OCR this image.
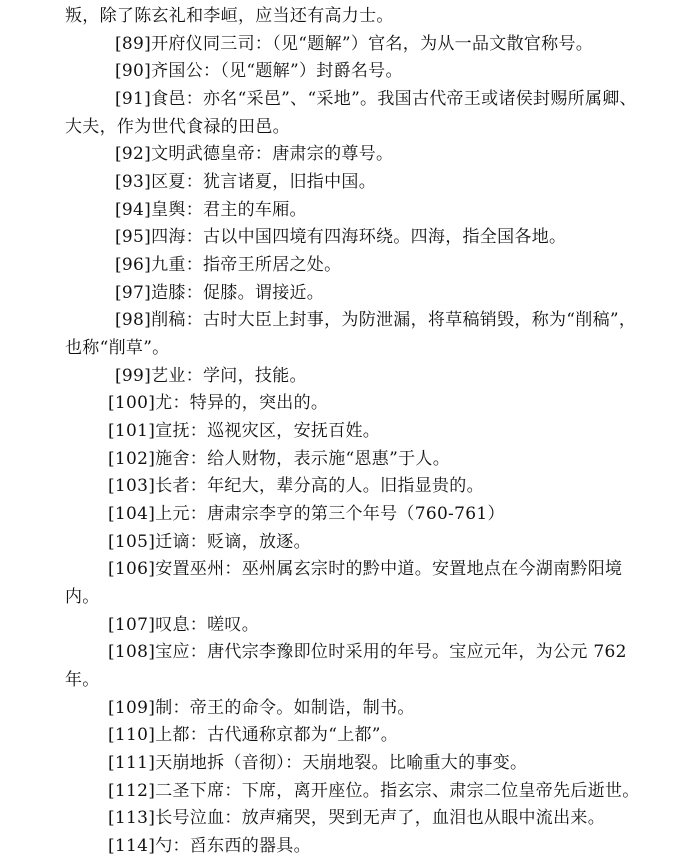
叛，除了陈玄礼和李峘，应当还有高力士。
[89]开府仪同三司：（见“题解”）官名，为从一品文散官称号。
[90]齐国公：（见“题解”）封爵名号。
[91]食邑：亦名“采邑”、“采地”。我国古代帝王或诸侯封赐所属卿、
大夫，作为世代食禄的田邑。
[92]文明武德皇帝：唐肃宗的尊号。
[93]区夏：犹言诸夏，旧指中国。
[94]皇舆：君主的车厢。
[95]四海：古以中国四境有四海环绕。四海，指全国各地。
[96]九重：指帝王所居之处。
[97]造膝：促膝。谓接近。
[98]削稿：古时大臣上封事，为防泄漏，将草稿销毁，称为“削稿”，
也称“削草”。
[99]艺业：学问，技能。
[100]尤：特异的，突出的。
[101]宣抚：巡视灾区，安抚百姓。
[102]施舍：给人财物，表示施“恩惠”于人。
[103]长者：年纪大，辈分高的人。旧指显贵的。
[104]上元：唐肃宗李亨的第三个年号（760-761）
[105]迁谪：贬谪，放逐。
[106]安置巫州：巫州属玄宗时的黔中道。安置地点在今湖南黔阳境
内。
[107]叹息：嗟叹。
[108]宝应：唐代宗李豫即位时采用的年号。宝应元年，为公元 762
年。
[109]制：帝王的命令。如制诰，制书。
[110]上都：古代通称京都为“上都”。
[111]天崩地拆（音彻）：天崩地裂。比喻重大的事变。
[112]二圣下席：下席，离开座位。指玄宗、肃宗二位皇帝先后逝世。
[113]长号泣血：放声痛哭，哭到无声了，血泪也从眼中流出来。
[114]勺：舀东西的器具。
